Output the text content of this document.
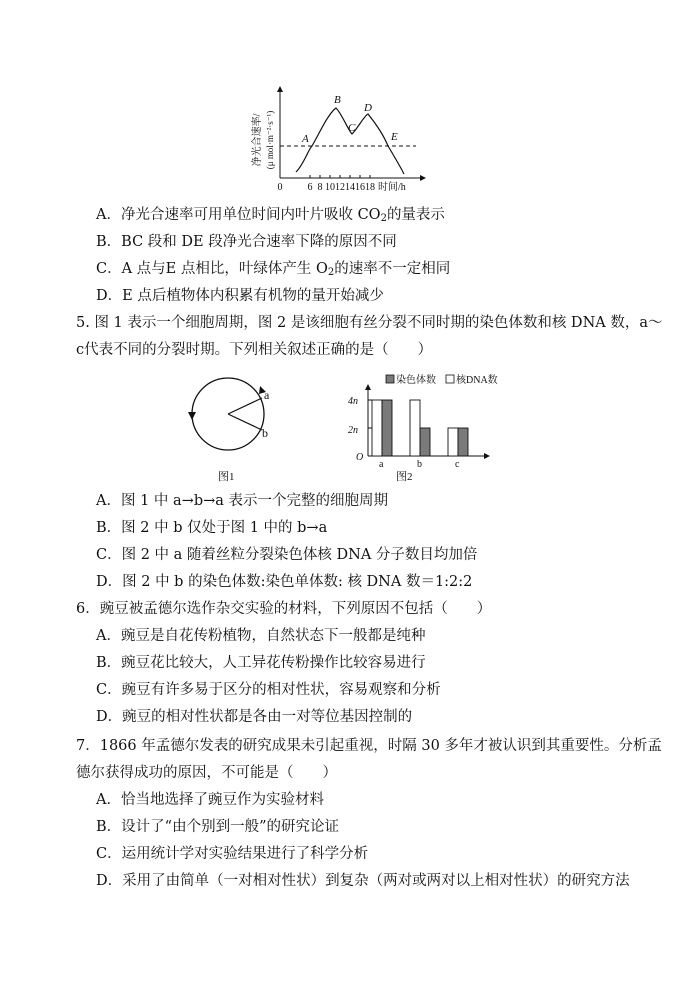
净光合速率/ (μ mol·m⁻²·s⁻¹)
0	6 8 10 12 14 16 18 时间/h
A
B
C
D
E
A．净光合速率可用单位时间内叶片吸收 $CO_2$的量表示
B．BC 段和 DE 段净光合速率下降的原因不同
C．A 点与E 点相比，叶绿体产生 $O_2$的速率不一定相同
D．E 点后植物体内积累有机物的量开始减少
5. 图 1 表示一个细胞周期，图 2 是该细胞有丝分裂不同时期的染色体数和核 DNA 数，a～
c代表不同的分裂时期。下列相关叙述正确的是（　　）
a
b
图1
染色体数 核DNA数
4n
2n
O
a	b	c
图2
A．图 1 中 a→b→a 表示一个完整的细胞周期
B．图 2 中 b 仅处于图 1 中的 b→a
C．图 2 中 a 随着丝粒分裂染色体核 DNA 分子数目均加倍
D．图 2 中 b 的染色体数:染色单体数: 核 DNA 数＝1:2:2
6．豌豆被孟德尔选作杂交实验的材料，下列原因不包括（　　）
A．豌豆是自花传粉植物，自然状态下一般都是纯种
B．豌豆花比较大，人工异花传粉操作比较容易进行
C．豌豆有许多易于区分的相对性状，容易观察和分析
D．豌豆的相对性状都是各由一对等位基因控制的
7．1866 年孟德尔发表的研究成果未引起重视，时隔 30 多年才被认识到其重要性。分析孟
德尔获得成功的原因，不可能是（　　）
A．恰当地选择了豌豆作为实验材料
B．设计了“由个别到一般”的研究论证
C．运用统计学对实验结果进行了科学分析
D．采用了由简单（一对相对性状）到复杂（两对或两对以上相对性状）的研究方法
